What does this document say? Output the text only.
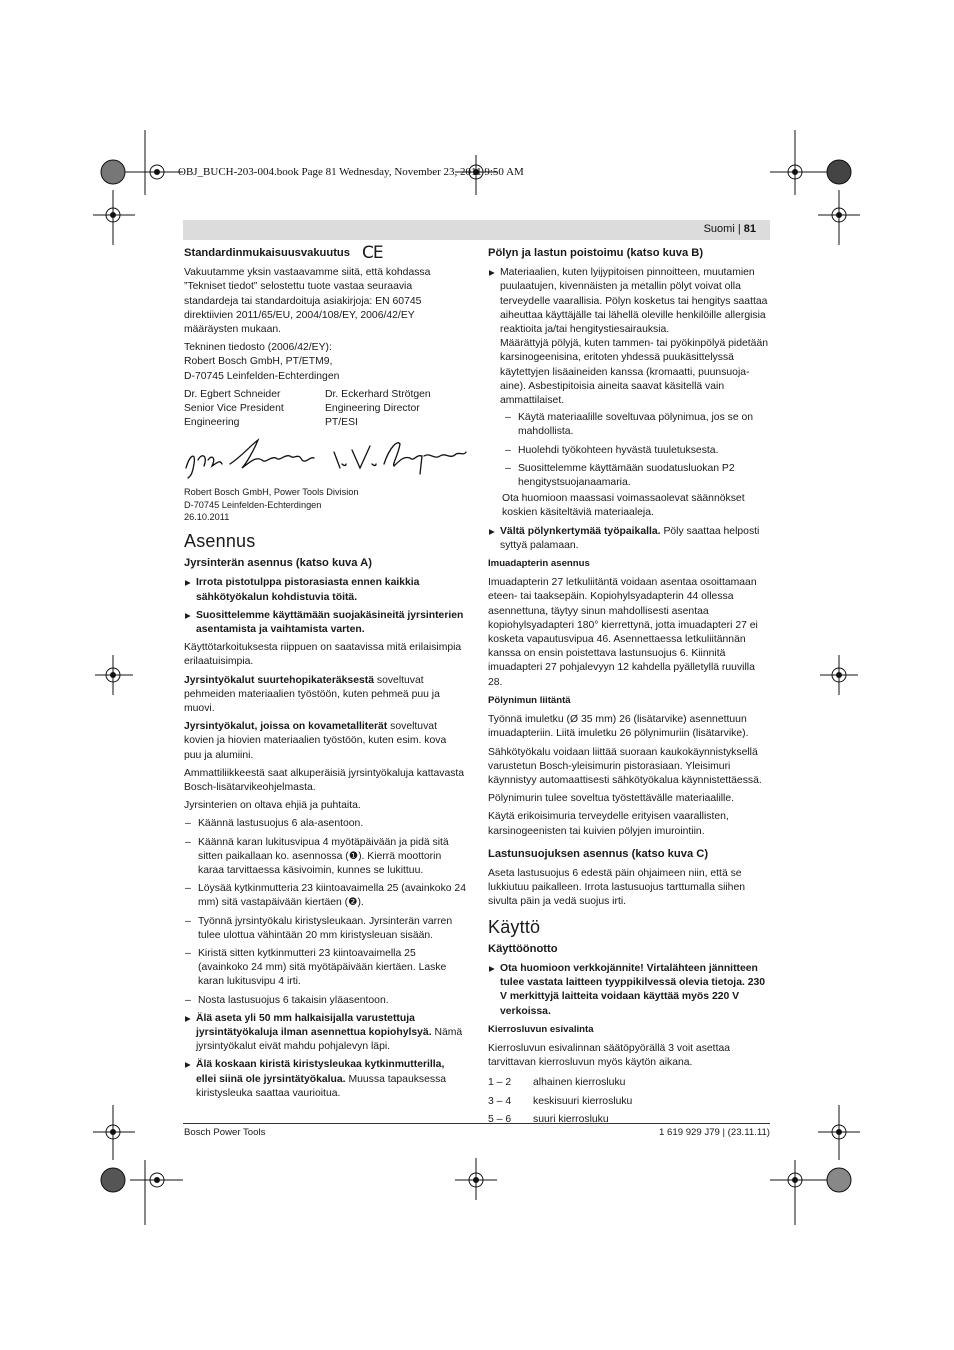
OBJ_BUCH-203-004.book Page 81 Wednesday, November 23, 2011 9:50 AM
Suomi | 81
Standardinmukaisuusvakuutus CE

Vakuutamme yksin vastaavamme siitä, että kohdassa ”Tekniset tiedot” selostettu tuote vastaa seuraavia standardeja tai standardoituja asiakirjoja: EN 60745 direktiivien 2011/65/EU, 2004/108/EY, 2006/42/EY määräysten mukaan.

Tekninen tiedosto (2006/42/EY):
Robert Bosch GmbH, PT/ETM9,
D-70745 Leinfelden-Echterdingen

Dr. Egbert Schneider
Senior Vice President
Engineering
Dr. Eckerhard Strötgen
Engineering Director
PT/ESI
Robert Bosch GmbH, Power Tools Division
D-70745 Leinfelden-Echterdingen
26.10.2011
Asennus
Jyrsinterän asennus (katso kuva A)

▶ Irrota pistotulppa pistorasiasta ennen kaikkia sähkötyökalun kohdistuvia töitä.

▶ Suosittelemme käyttämään suojakäsineitä jyrsinterien asentamista ja vaihtamista varten.

Käyttötarkoituksesta riippuen on saatavissa mitä erilaisimpia erilaatuisimpia.

Jyrsintyökalut suurtehopikateräksestä soveltuvat pehmeiden materiaalien työstöön, kuten pehmeä puu ja muovi.

Jyrsintyökalut, joissa on kovametalliterät soveltuvat kovien ja hiovien materiaalien työstöön, kuten esim. kova puu ja alumiini.

Ammattiliikkeestä saat alkuperäisiä jyrsintyökaluja kattavasta Bosch-lisätarvikeohjelmasta.

Jyrsinterien on oltava ehjiä ja puhtaita.

– Käännä lastusuojus 6 ala-asentoon.

– Käännä karan lukitusvipua 4 myötäpäivään ja pidä sitä sitten paikallaan ko. asennossa (❶). Kierrä moottorin karaa tarvittaessa käsivoimin, kunnes se lukittuu.

– Löysää kytkinmutteria 23 kiintoavaimella 25 (avainkoko 24 mm) sitä vastapäivään kiertäen (❷).

– Työnnä jyrsintyökalu kiristysleukaan. Jyrsinterän varren tulee ulottua vähintään 20 mm kiristysleuan sisään.

– Kiristä sitten kytkinmutteri 23 kiintoavaimella 25 (avainkoko 24 mm) sitä myötäpäivään kiertäen. Laske karan lukitusvipu 4 irti.

– Nosta lastusuojus 6 takaisin yläasentoon.

▶ Älä aseta yli 50 mm halkaisijalla varustettuja jyrsintätyökaluja ilman asennettua kopiohylsyä. Nämä jyrsintyökalut eivät mahdu pohjalevyn läpi.

▶ Älä koskaan kiristä kiristysleukaa kytkinmutterilla, ellei siinä ole jyrsintätyökalua. Muussa tapauksessa kiristysleuka saattaa vaurioitua.

Pölyn ja lastun poistoimu (katso kuva B)

▶ Materiaalien, kuten lyijypitoisen pinnoitteen, muutamien puulaatujen, kivennäisten ja metallin pölyt voivat olla terveydelle vaarallisia. Pölyn kosketus tai hengitys saattaa aiheuttaa käyttäjälle tai lähellä oleville henkilöille allergisia reaktioita ja/tai hengitystiesairauksia.

Määrättyjä pölyjä, kuten tammen- tai pyökinpölyä pidetään karsinogeenisina, eritoten yhdessä puukäsittelyssä käytettyjen lisäaineiden kanssa (kromaatti, puunsuoja-aine). Asbestipitoisia aineita saavat käsitellä vain ammattilaiset.

– Käytä materiaalille soveltuvaa pölynimua, jos se on mahdollista.

– Huolehdi työkohteen hyvästä tuuletuksesta.

– Suosittelemme käyttämään suodatusluokan P2 hengitystsuojanaamaria.

Ota huomioon maassasi voimassaolevat säännökset koskien käsiteltäviä materiaaleja.

▶ Vältä pölynkertymää työpaikalla. Pöly saattaa helposti syttyä palamaan.

Imuadapterin asennus

Imuadapterin 27 letkuliitäntä voidaan asentaa osoittamaan eteen- tai taaksepäin. Kopiohylsyadapterin 44 ollessa asennettuna, täytyy sinun mahdollisesti asentaa kopiohylsyadapteri 180° kierrettynä, jotta imuadapteri 27 ei kosketa vapautusvipua 46. Asennettaessa letkuliitännän kanssa on ensin poistettava lastunsuojus 6. Kiinnitä imuadapteri 27 pohjalevyyn 12 kahdella pyälletyllä ruuvilla 28.

Pölynimun liitäntä

Työnnä imuletku (Ø 35 mm) 26 (lisätarvike) asennettuun imuadapteriin. Liitä imuletku 26 pölynimuriin (lisätarvike).

Sähkötyökalu voidaan liittää suoraan kaukokäynnistyksellä varustetun Bosch-yleisimurin pistorasiaan. Yleisimuri käynnistyy automaattisesti sähkötyökalua käynnistettäessä.

Pölynimurin tulee soveltua työstettävälle materiaalille.

Käytä erikoisimuria terveydelle erityisen vaarallisten, karsinogeenisten tai kuivien pölyjen imurointiin.

Lastunsuojuksen asennus (katso kuva C)

Aseta lastusuojus 6 edestä päin ohjaimeen niin, että se lukkiutuu paikalleen. Irrota lastusuojus tarttumalla siihen sivulta päin ja vedä suojus irti.

Käyttö
Käyttöönotto

▶ Ota huomioon verkkojännite! Virtalähteen jännitteen tulee vastata laitteen tyyppikilvessä olevia tietoja. 230 V merkittyjä laitteita voidaan käyttää myös 220 V verkoissa.

Kierrosluvun esivalinta

Kierrosluvun esivalinnan säätöpyörällä 3 voit asettaa tarvittavan kierrosluvun myös käytön aikana.

1 – 2	alhainen kierrosluku
3 – 4	keskisuuri kierrosluku
5 – 6	suuri kierrosluku
Bosch Power Tools	1 619 929 J79 | (23.11.11)
